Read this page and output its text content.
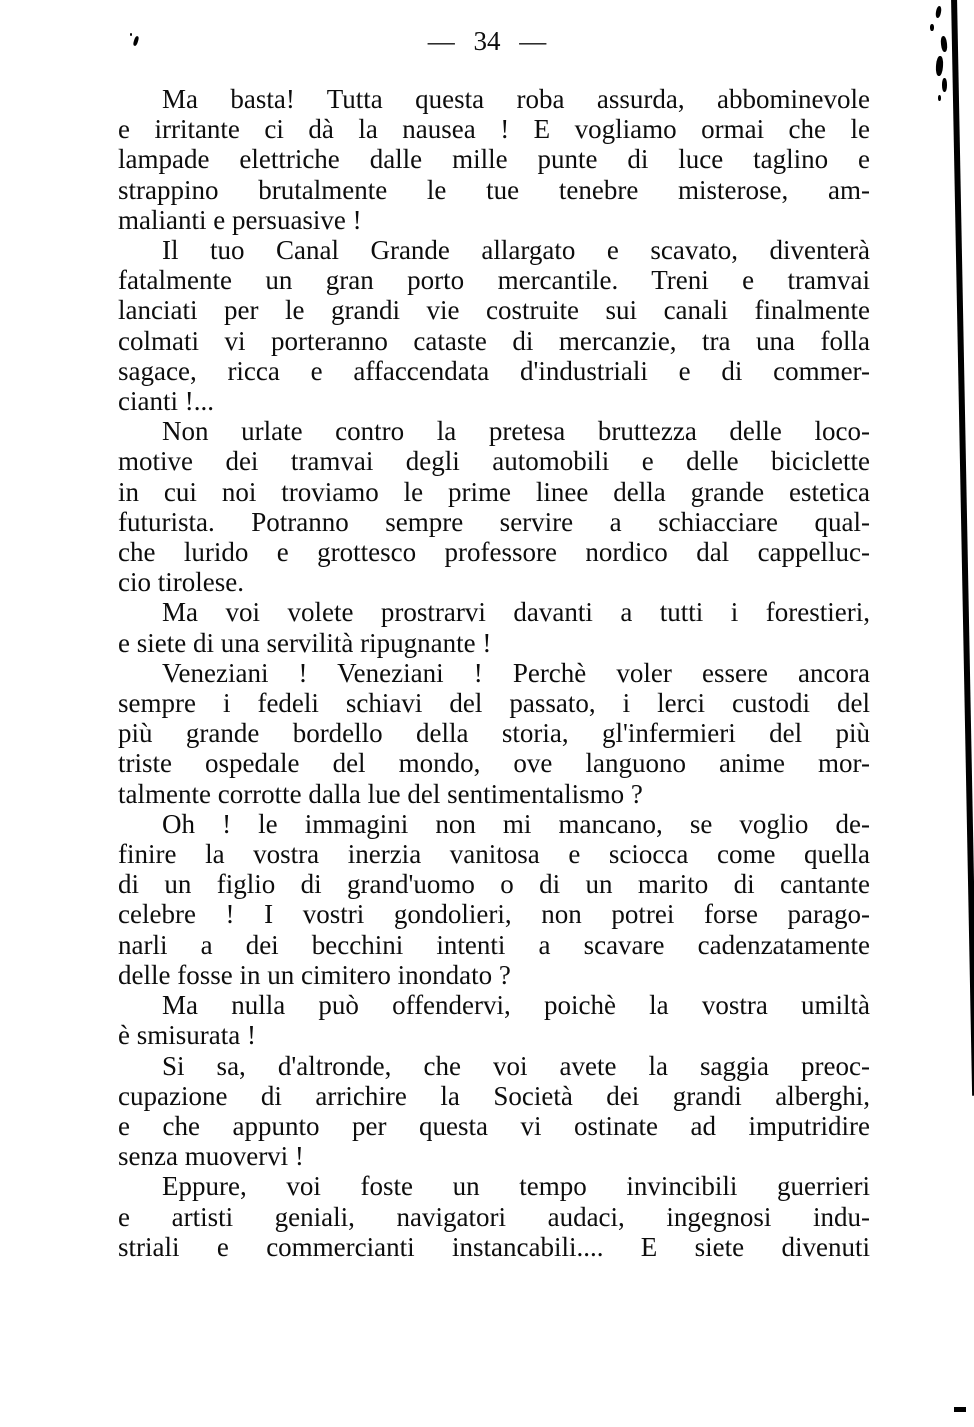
— 34 —
Ma basta! Tutta questa roba assurda, abbominevole
e irritante ci dà la nausea ! E vogliamo ormai che le
lampade elettriche dalle mille punte di luce taglino e
strappino brutalmente le tue tenebre misterose, am-
malianti e persuasive !
Il tuo Canal Grande allargato e scavato, diventerà
fatalmente un gran porto mercantile. Treni e tramvai
lanciati per le grandi vie costruite sui canali finalmente
colmati vi porteranno cataste di mercanzie, tra una folla
sagace, ricca e affaccendata d'industriali e di commer-
cianti !...
Non urlate contro la pretesa bruttezza delle loco-
motive dei tramvai degli automobili e delle biciclette
in cui noi troviamo le prime linee della grande estetica
futurista. Potranno sempre servire a schiacciare qual-
che lurido e grottesco professore nordico dal cappelluc-
cio tirolese.
Ma voi volete prostrarvi davanti a tutti i forestieri,
e siete di una servilità ripugnante !
Veneziani ! Veneziani ! Perchè voler essere ancora
sempre i fedeli schiavi del passato, i lerci custodi del
più grande bordello della storia, gl'infermieri del più
triste ospedale del mondo, ove languono anime mor-
talmente corrotte dalla lue del sentimentalismo ?
Oh ! le immagini non mi mancano, se voglio de-
finire la vostra inerzia vanitosa e sciocca come quella
di un figlio di grand'uomo o di un marito di cantante
celebre ! I vostri gondolieri, non potrei forse parago-
narli a dei becchini intenti a scavare cadenzatamente
delle fosse in un cimitero inondato ?
Ma nulla può offendervi, poichè la vostra umiltà
è smisurata !
Si sa, d'altronde, che voi avete la saggia preoc-
cupazione di arrichire la Società dei grandi alberghi,
e che appunto per questa vi ostinate ad imputridire
senza muovervi !
Eppure, voi foste un tempo invincibili guerrieri
e artisti geniali, navigatori audaci, ingegnosi indu-
striali e commercianti instancabili.... E siete divenuti
